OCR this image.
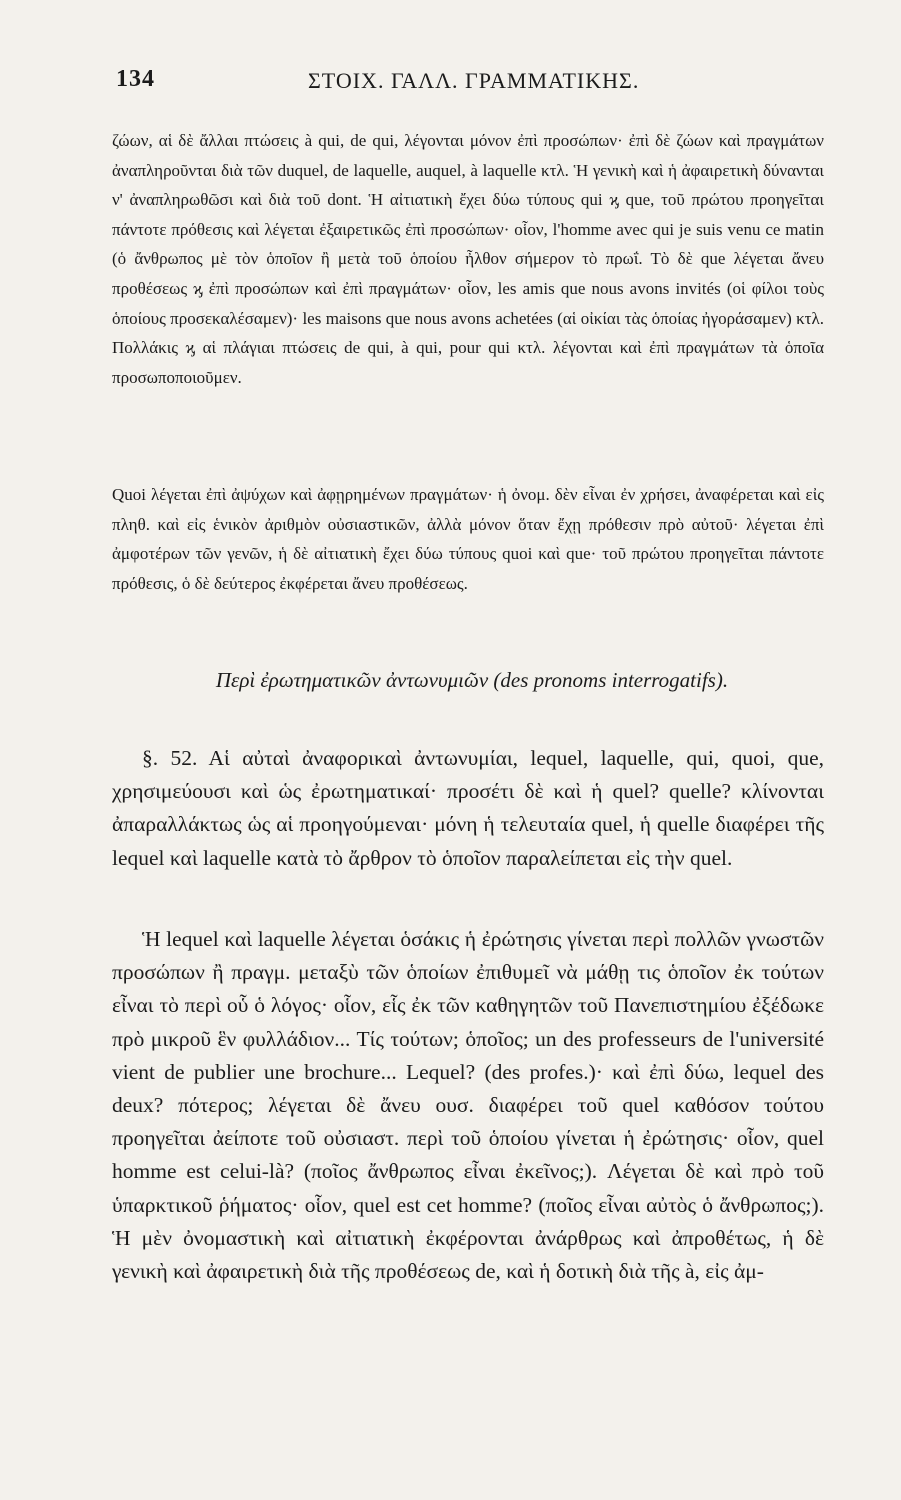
134	ΣΤΟΙΧ. ΓΑΛΛ. ΓΡΑΜΜΑΤΙΚΗΣ.

ζώων, αἱ δὲ ἄλλαι πτώσεις à qui, de qui, λέγονται μόνον ἐπὶ προσώπων· ἐπὶ δὲ ζώων καὶ πραγμάτων ἀναπληροῦνται διὰ τῶν duquel, de laquelle, auquel, à laquelle κτλ. Ἡ γενικὴ καὶ ἡ ἀφαιρετικὴ δύνανται ν' ἀναπληρωθῶσι καὶ διὰ τοῦ dont. Ἡ αἰτιατικὴ ἔχει δύω τύπους qui ϗ que, τοῦ πρώτου προηγεῖται πάντοτε πρόθεσις καὶ λέγεται ἐξαιρετικῶς ἐπὶ προσώπων· οἷον, l'homme avec qui je suis venu ce matin (ὁ ἄνθρωπος μὲ τὸν ὁποῖον ἢ μετὰ τοῦ ὁποίου ἦλθον σήμερον τὸ πρωΐ. Τὸ δὲ que λέγεται ἄνευ προθέσεως ϗ ἐπὶ προσώπων καὶ ἐπὶ πραγμάτων· οἷον, les amis que nous avons invités (οἱ φίλοι τοὺς ὁποίους προσεκαλέσαμεν)· les maisons que nous avons achetées (αἱ οἰκίαι τὰς ὁποίας ἠγοράσαμεν) κτλ. Πολλάκις ϗ αἱ πλάγιαι πτώσεις de qui, à qui, pour qui κτλ. λέγονται καὶ ἐπὶ πραγμάτων τὰ ὁποῖα προσωποποιοῦμεν.

Quoi λέγεται ἐπὶ ἀψύχων καὶ ἀφῃρημένων πραγμάτων· ἡ ὀνομ. δὲν εἶναι ἐν χρήσει, ἀναφέρεται καὶ εἰς πληθ. καὶ εἰς ἑνικὸν ἀριθμὸν οὐσιαστικῶν, ἀλλὰ μόνον ὅταν ἔχῃ πρόθεσιν πρὸ αὐτοῦ· λέγεται ἐπὶ ἀμφοτέρων τῶν γενῶν, ἡ δὲ αἰτιατικὴ ἔχει δύω τύπους quoi καὶ que· τοῦ πρώτου προηγεῖται πάντοτε πρόθεσις, ὁ δὲ δεύτερος ἐκφέρεται ἄνευ προθέσεως.

Περὶ ἐρωτηματικῶν ἀντωνυμιῶν (des pronoms interrogatifs).

§. 52. Αἱ αὐταὶ ἀναφορικαὶ ἀντωνυμίαι, lequel, laquelle, qui, quoi, que, χρησιμεύουσι καὶ ὡς ἐρωτηματικαί· προσέτι δὲ καὶ ἡ quel? quelle? κλίνονται ἀπαραλλάκτως ὡς αἱ προηγούμεναι· μόνη ἡ τελευταία quel, ἡ quelle διαφέρει τῆς lequel καὶ laquelle κατὰ τὸ ἄρθρον τὸ ὁποῖον παραλείπεται εἰς τὴν quel.

Ἡ lequel καὶ laquelle λέγεται ὁσάκις ἡ ἐρώτησις γίνεται περὶ πολλῶν γνωστῶν προσώπων ἢ πραγμ. μεταξὺ τῶν ὁποίων ἐπιθυμεῖ νὰ μάθῃ τις ὁποῖον ἐκ τούτων εἶναι τὸ περὶ οὗ ὁ λόγος· οἷον, εἷς ἐκ τῶν καθηγητῶν τοῦ Πανεπιστημίου ἐξέδωκε πρὸ μικροῦ ἓν φυλλάδιον... Τίς τούτων; ὁποῖος; un des professeurs de l'université vient de publier une brochure... Lequel? (des profes.)· καὶ ἐπὶ δύω, lequel des deux? πότερος; λέγεται δὲ ἄνευ ουσ. διαφέρει τοῦ quel καθόσον τούτου προηγεῖται ἀείποτε τοῦ οὐσιαστ. περὶ τοῦ ὁποίου γίνεται ἡ ἐρώτησις· οἷον, quel homme est celui-là? (ποῖος ἄνθρωπος εἶναι ἐκεῖνος;). Λέγεται δὲ καὶ πρὸ τοῦ ὑπαρκτικοῦ ῥήματος· οἷον, quel est cet homme? (ποῖος εἶναι αὐτὸς ὁ ἄνθρωπος;). Ἡ μὲν ὀνομαστικὴ καὶ αἰτιατικὴ ἐκφέρονται ἀνάρθρως καὶ ἀπροθέτως, ἡ δὲ γενικὴ καὶ ἀφαιρετικὴ διὰ τῆς προθέσεως de, καὶ ἡ δοτικὴ διὰ τῆς à, εἰς ἀμ-
